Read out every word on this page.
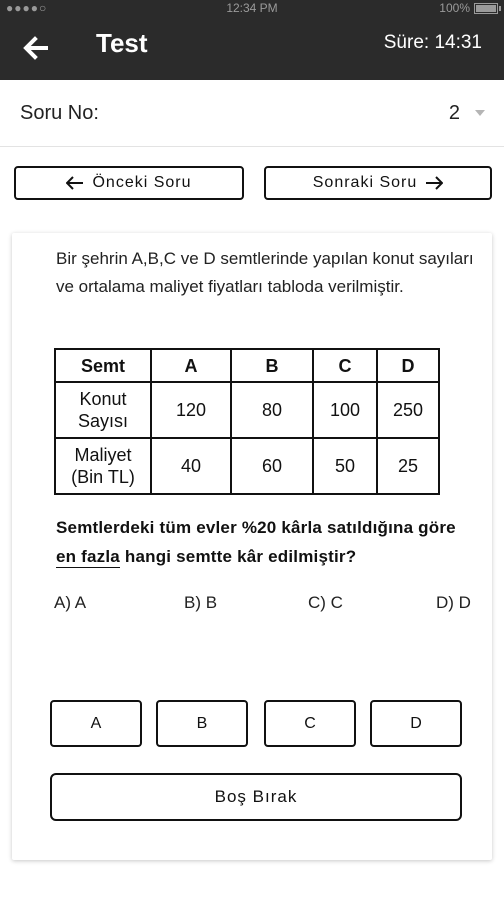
●●●●○	12:34 PM	100%
Test	Süre: 14:31
Soru No:	2
Önceki Soru	Sonraki Soru

Bir şehrin A,B,C ve D semtlerinde yapılan konut sayıları ve ortalama maliyet fiyatları tabloda verilmiştir.

Semt	A	B	C	D
Konut Sayısı	120	80	100	250
Maliyet (Bin TL)	40	60	50	25

Semtlerdeki tüm evler %20 kârla satıldığına göre en fazla hangi semtte kâr edilmiştir?

A) A	B) B	C) C	D) D
A	B	C	D
Boş Bırak
